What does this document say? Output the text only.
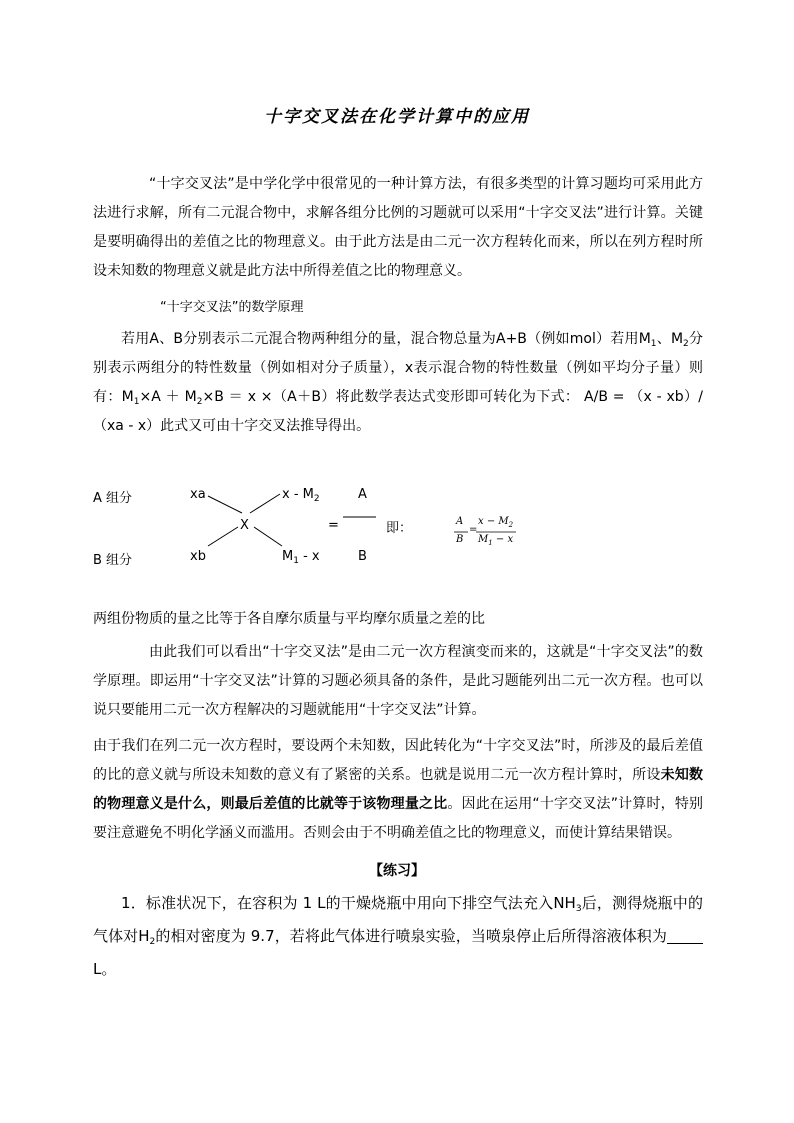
十字交叉法在化学计算中的应用
“十字交叉法”是中学化学中很常见的一种计算方法，有很多类型的计算习题均可采用此方法进行求解，所有二元混合物中，求解各组分比例的习题就可以采用“十字交叉法”进行计算。关键是要明确得出的差值之比的物理意义。由于此方法是由二元一次方程转化而来，所以在列方程时所设未知数的物理意义就是此方法中所得差值之比的物理意义。
“十字交叉法”的数学原理
若用A、B分别表示二元混合物两种组分的量，混合物总量为A+B（例如mol）若用$M_1$、$M_2$分别表示两组分的特性数量（例如相对分子质量），x表示混合物的特性数量（例如平均分子量）则有：$M_1\times A + M_2\times B = x \times(A+B)$将此数学表达式变形即可转化为下式： A/B = （x - xb）/（xa - x）此式又可由十字交叉法推导得出。
A 组分
B 组分
xa
xb
x - $M_2$
$M_1$ - x
X	=
A
B
即：	A
B
=
$x - M_2$
$M_1 - x$
两组份物质的量之比等于各自摩尔质量与平均摩尔质量之差的比
由此我们可以看出“十字交叉法”是由二元一次方程演变而来的，这就是“十字交叉法”的数学原理。即运用“十字交叉法”计算的习题必须具备的条件，是此习题能列出二元一次方程。也可以说只要能用二元一次方程解决的习题就能用“十字交叉法”计算。
由于我们在列二元一次方程时，要设两个未知数，因此转化为“十字交叉法”时，所涉及的最后差值的比的意义就与所设未知数的意义有了紧密的关系。也就是说用二元一次方程计算时，所设未知数的物理意义是什么，则最后差值的比就等于该物理量之比。因此在运用“十字交叉法”计算时，特别要注意避免不明化学涵义而滥用。否则会由于不明确差值之比的物理意义，而使计算结果错误。
【练习】
1．标准状况下，在容积为 1 L的干燥烧瓶中用向下排空气法充入$NH_3$后，测得烧瓶中的气体对$H_2$的相对密度为 9.7，若将此气体进行喷泉实验，当喷泉停止后所得溶液体积为L。
